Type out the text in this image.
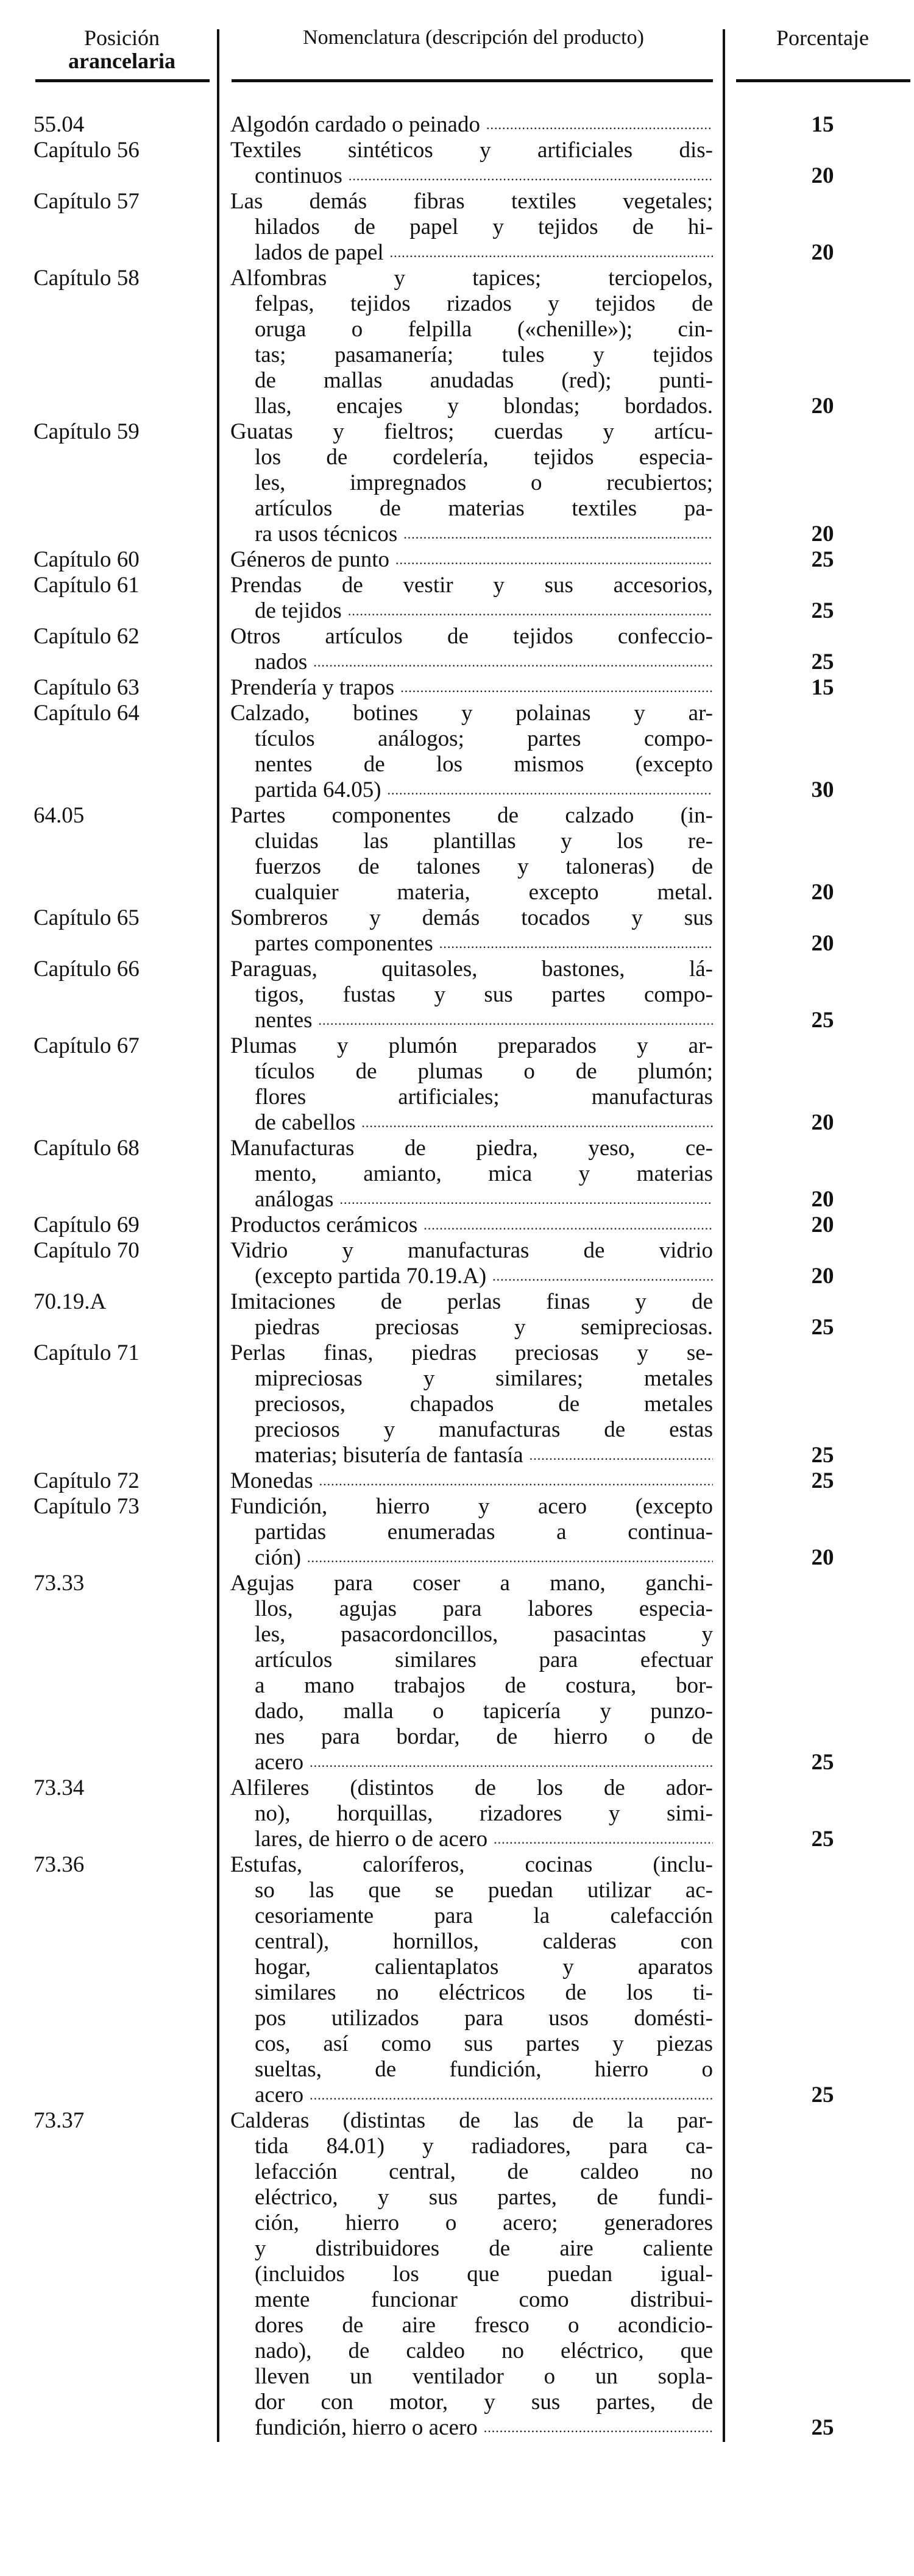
Posición
arancelaria
Nomenclatura (descripción del producto)	Porcentaje
55.04	Algodón cardado o peinado .....	15
Capítulo 56	Textiles sintéticos y artificiales dis-
continuos .....	20
Capítulo 57	Las demás fibras textiles vegetales;
hilados de papel y tejidos de hi-
lados de papel .....	20
Capítulo 58	Alfombras y tapices; terciopelos,
felpas, tejidos rizados y tejidos de
oruga o felpilla («chenille»); cin-
tas; pasamanería; tules y tejidos
de mallas anudadas (red); punti-
llas, encajes y blondas; bordados.	20
Capítulo 59	Guatas y fieltros; cuerdas y artícu-
los de cordelería, tejidos especia-
les, impregnados o recubiertos;
artículos de materias textiles pa-
ra usos técnicos .....	20
Capítulo 60	Géneros de punto .....	25
Capítulo 61	Prendas de vestir y sus accesorios,
de tejidos .....	25
Capítulo 62	Otros artículos de tejidos confeccio-
nados .....	25
Capítulo 63	Prendería y trapos .....	15
Capítulo 64	Calzado, botines y polainas y ar-
tículos análogos; partes compo-
nentes de los mismos (excepto
partida 64.05) .....	30
64.05	Partes componentes de calzado (in-
cluidas las plantillas y los re-
fuerzos de talones y taloneras) de
cualquier materia, excepto metal.	20
Capítulo 65	Sombreros y demás tocados y sus
partes componentes .....	20
Capítulo 66	Paraguas, quitasoles, bastones, lá-
tigos, fustas y sus partes compo-
nentes .....	25
Capítulo 67	Plumas y plumón preparados y ar-
tículos de plumas o de plumón;
flores artificiales; manufacturas
de cabellos .....	20
Capítulo 68	Manufacturas de piedra, yeso, ce-
mento, amianto, mica y materias
análogas .....	20
Capítulo 69	Productos cerámicos .....	20
Capítulo 70	Vidrio y manufacturas de vidrio
(excepto partida 70.19.A) .....	20
70.19.A	Imitaciones de perlas finas y de
piedras preciosas y semipreciosas.	25
Capítulo 71	Perlas finas, piedras preciosas y se-
mipreciosas y similares; metales
preciosos, chapados de metales
preciosos y manufacturas de estas
materias; bisutería de fantasía .....	25
Capítulo 72	Monedas .....	25
Capítulo 73	Fundición, hierro y acero (excepto
partidas enumeradas a continua-
ción) .....	20
73.33	Agujas para coser a mano, ganchi-
llos, agujas para labores especia-
les, pasacordoncillos, pasacintas y
artículos similares para efectuar
a mano trabajos de costura, bor-
dado, malla o tapicería y punzo-
nes para bordar, de hierro o de
acero .....	25
73.34	Alfileres (distintos de los de ador-
no), horquillas, rizadores y simi-
lares, de hierro o de acero .....	25
73.36	Estufas, caloríferos, cocinas (inclu-
so las que se puedan utilizar ac-
cesoriamente para la calefacción
central), hornillos, calderas con
hogar, calientaplatos y aparatos
similares no eléctricos de los ti-
pos utilizados para usos domésti-
cos, así como sus partes y piezas
sueltas, de fundición, hierro o
acero .....	25
73.37	Calderas (distintas de las de la par-
tida 84.01) y radiadores, para ca-
lefacción central, de caldeo no
eléctrico, y sus partes, de fundi-
ción, hierro o acero; generadores
y distribuidores de aire caliente
(incluidos los que puedan igual-
mente funcionar como distribui-
dores de aire fresco o acondicio-
nado), de caldeo no eléctrico, que
lleven un ventilador o un sopla-
dor con motor, y sus partes, de
fundición, hierro o acero .....	25
